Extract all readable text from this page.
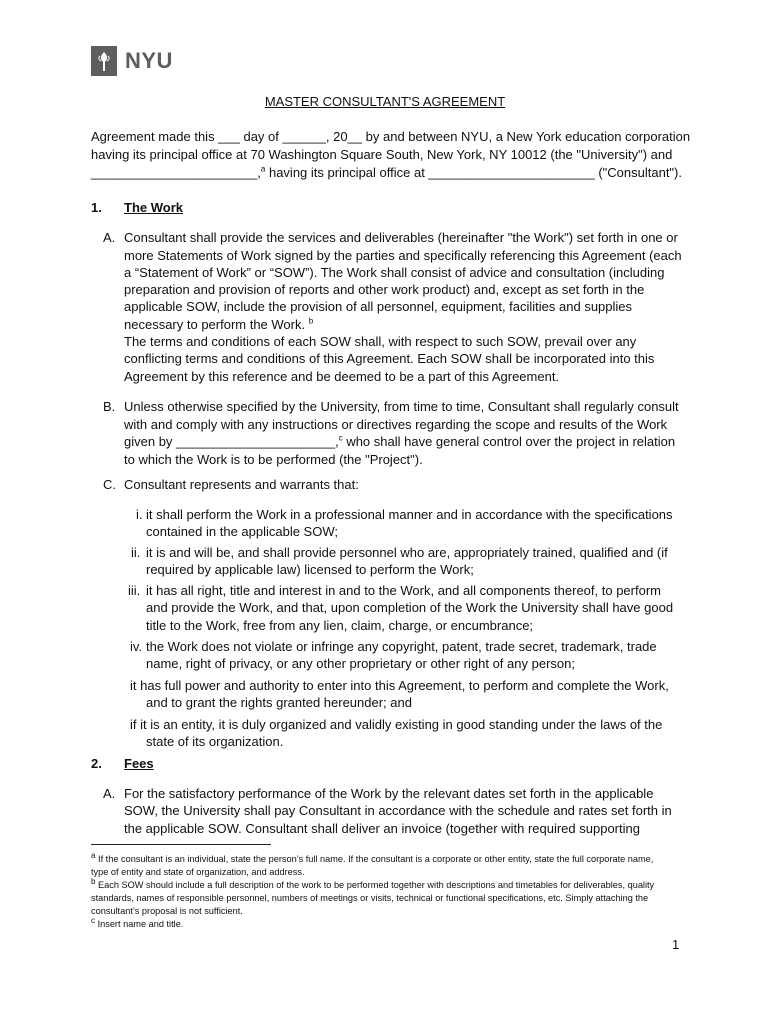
NYU
MASTER CONSULTANT'S AGREEMENT
Agreement made this ___ day of ______, 20__ by and between NYU, a New York education corporation
having its principal office at 70 Washington Square South, New York, NY 10012 (the "University") and
_______________________,$^a$ having its principal office at _______________________ ("Consultant").
1. The Work
A. Consultant shall provide the services and deliverables (hereinafter "the Work") set forth in one or
more Statements of Work signed by the parties and specifically referencing this Agreement (each
a “Statement of Work” or “SOW”). The Work shall consist of advice and consultation (including
preparation and provision of reports and other work product) and, except as set forth in the
applicable SOW, include the provision of all personnel, equipment, facilities and supplies
necessary to perform the Work. $^b$
The terms and conditions of each SOW shall, with respect to such SOW, prevail over any
conflicting terms and conditions of this Agreement. Each SOW shall be incorporated into this
Agreement by this reference and be deemed to be a part of this Agreement.
B. Unless otherwise specified by the University, from time to time, Consultant shall regularly consult
with and comply with any instructions or directives regarding the scope and results of the Work
given by ______________________,$^c$ who shall have general control over the project in relation
to which the Work is to be performed (the "Project").
C. Consultant represents and warrants that:
i. it shall perform the Work in a professional manner and in accordance with the specifications
contained in the applicable SOW;
ii. it is and will be, and shall provide personnel who are, appropriately trained, qualified and (if
required by applicable law) licensed to perform the Work;
iii. it has all right, title and interest in and to the Work, and all components thereof, to perform
and provide the Work, and that, upon completion of the Work the University shall have good
title to the Work, free from any lien, claim, charge, or encumbrance;
iv. the Work does not violate or infringe any copyright, patent, trade secret, trademark, trade
name, right of privacy, or any other proprietary or other right of any person;
it has full power and authority to enter into this Agreement, to perform and complete the Work,
and to grant the rights granted hereunder; and
if it is an entity, it is duly organized and validly existing in good standing under the laws of the
state of its organization.
2. Fees
A. For the satisfactory performance of the Work by the relevant dates set forth in the applicable
SOW, the University shall pay Consultant in accordance with the schedule and rates set forth in
the applicable SOW. Consultant shall deliver an invoice (together with required supporting
$^a$ If the consultant is an individual, state the person’s full name. If the consultant is a corporate or other entity, state the full corporate name,
type of entity and state of organization, and address.
$^b$ Each SOW should include a full description of the work to be performed together with descriptions and timetables for deliverables, quality
standards, names of responsible personnel, numbers of meetings or visits, technical or functional specifications, etc. Simply attaching the
consultant’s proposal is not sufficient.
$^c$ Insert name and title.
1
